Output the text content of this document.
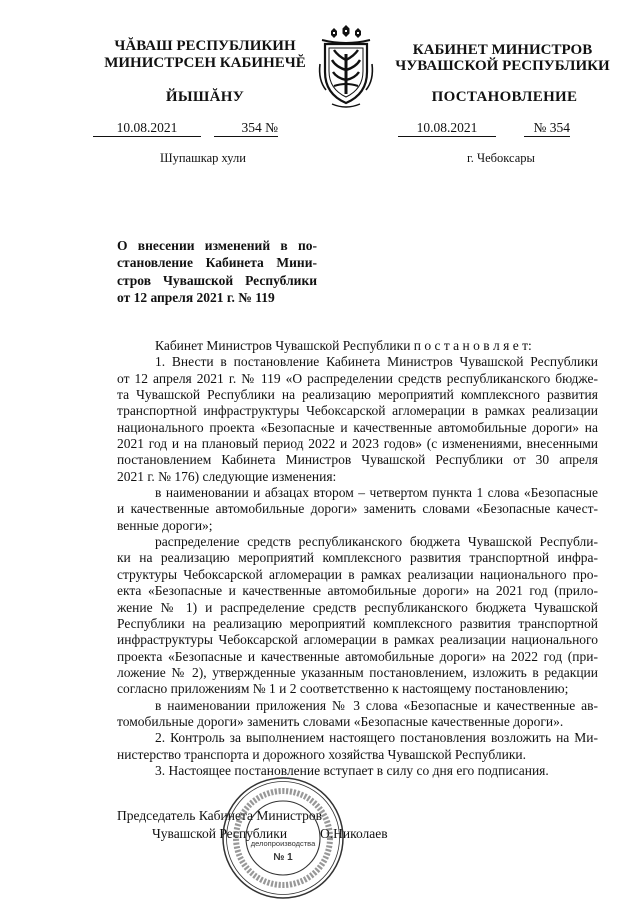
ЧĂВАШ РЕСПУБЛИКИН
МИНИСТРСЕН КАБИНЕЧĔ
ЙЫШĂНУ
10.08.2021	354 №
Шупашкар хули
КАБИНЕТ МИНИСТРОВ
ЧУВАШСКОЙ РЕСПУБЛИКИ
ПОСТАНОВЛЕНИЕ
10.08.2021	№ 354
г. Чебоксары
О внесении изменений в по-
становление Кабинета Мини-
стров Чувашской Республики
от 12 апреля 2021 г. № 119
Кабинет Министров Чувашской Республики п о с т а н о в л я е т:
1. Внести в постановление Кабинета Министров Чувашской Республики
от 12 апреля 2021 г. № 119 «О распределении средств республиканского бюдже-
та Чувашской Республики на реализацию мероприятий комплексного развития
транспортной инфраструктуры Чебоксарской агломерации в рамках реализации
национального проекта «Безопасные и качественные автомобильные дороги» на
2021 год и на плановый период 2022 и 2023 годов» (с изменениями, внесенными
постановлением Кабинета Министров Чувашской Республики от 30 апреля
2021 г. № 176) следующие изменения:
в наименовании и абзацах втором – четвертом пункта 1 слова «Безопасные
и качественные автомобильные дороги» заменить словами «Безопасные качест-
венные дороги»;
распределение средств республиканского бюджета Чувашской Республи-
ки на реализацию мероприятий комплексного развития транспортной инфра-
структуры Чебоксарской агломерации в рамках реализации национального про-
екта «Безопасные и качественные автомобильные дороги» на 2021 год (прило-
жение № 1) и распределение средств республиканского бюджета Чувашской
Республики на реализацию мероприятий комплексного развития транспортной
инфраструктуры Чебоксарской агломерации в рамках реализации национального
проекта «Безопасные и качественные автомобильные дороги» на 2022 год (при-
ложение № 2), утвержденные указанным постановлением, изложить в редакции
согласно приложениям № 1 и 2 соответственно к настоящему постановлению;
в наименовании приложения № 3 слова «Безопасные и качественные ав-
томобильные дороги» заменить словами «Безопасные качественные дороги».
2. Контроль за выполнением настоящего постановления возложить на Ми-
нистерство транспорта и дорожного хозяйства Чувашской Республики.
3. Настоящее постановление вступает в силу со дня его подписания.
Председатель Кабинета Министров
Чувашской Республики О.Николаев
делопроизводства
№ 1
